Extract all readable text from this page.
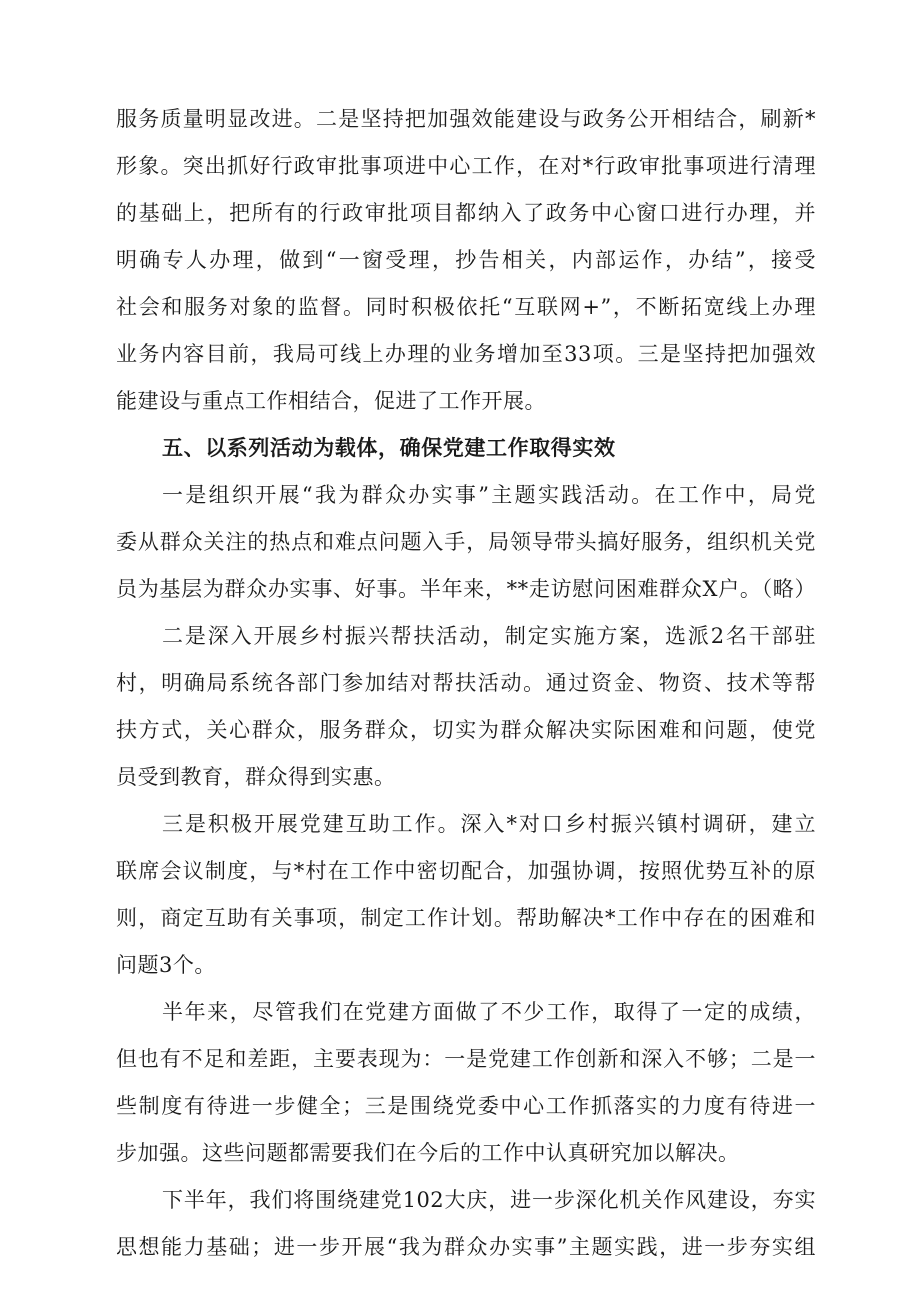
服务质量明显改进。二是坚持把加强效能建设与政务公开相结合，刷新*
形象。突出抓好行政审批事项进中心工作，在对*行政审批事项进行清理
的基础上，把所有的行政审批项目都纳入了政务中心窗口进行办理，并
明确专人办理，做到“一窗受理，抄告相关，内部运作，办结”，接受
社会和服务对象的监督。同时积极依托“互联网+”，不断拓宽线上办理
业务内容目前，我局可线上办理的业务增加至33项。三是坚持把加强效
能建设与重点工作相结合，促进了工作开展。
五、以系列活动为载体，确保党建工作取得实效
一是组织开展“我为群众办实事”主题实践活动。在工作中，局党
委从群众关注的热点和难点问题入手，局领导带头搞好服务，组织机关党
员为基层为群众办实事、好事。半年来，**走访慰问困难群众X户。（略）
二是深入开展乡村振兴帮扶活动，制定实施方案，选派2名干部驻
村，明确局系统各部门参加结对帮扶活动。通过资金、物资、技术等帮
扶方式，关心群众，服务群众，切实为群众解决实际困难和问题，使党
员受到教育，群众得到实惠。
三是积极开展党建互助工作。深入*对口乡村振兴镇村调研，建立
联席会议制度，与*村在工作中密切配合，加强协调，按照优势互补的原
则，商定互助有关事项，制定工作计划。帮助解决*工作中存在的困难和
问题3个。
半年来，尽管我们在党建方面做了不少工作，取得了一定的成绩，
但也有不足和差距，主要表现为：一是党建工作创新和深入不够；二是一
些制度有待进一步健全；三是围绕党委中心工作抓落实的力度有待进一
步加强。这些问题都需要我们在今后的工作中认真研究加以解决。
下半年，我们将围绕建党102大庆，进一步深化机关作风建设，夯实
思想能力基础；进一步开展“我为群众办实事”主题实践，进一步夯实组
